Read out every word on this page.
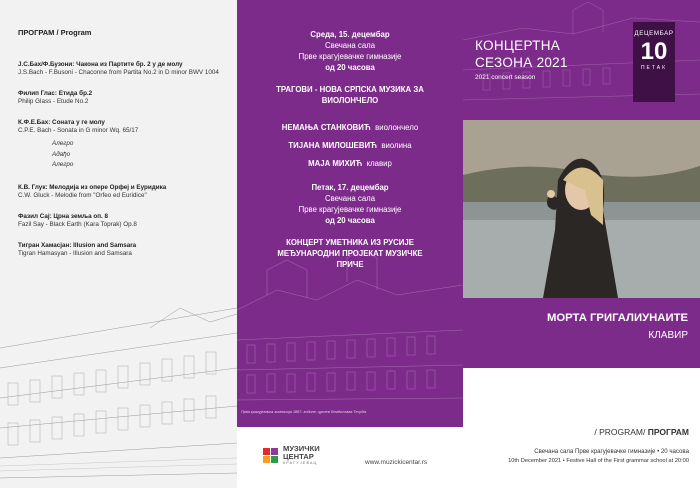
ПРОГРАМ / Program
J.С.Бах/Ф.Бузони: Чакона из Партите бр. 2 у де молу
J.S.Bach - F.Busoni - Chaconne from Partita No.2 in D minor BWV 1004
Филип Глас: Етида бр.2
Philip Glass - Etude No.2
К.Ф.Е.Бах: Соната у ге молу
C.P.E. Bach - Sonata in G minor Wq. 65/17
Алегро
Адађо
Алегро
К.В. Глук: Мелодија из опере Орфеј и Еуридика
C.W. Gluck - Melodie from "Orfeo ed Euridice"
Фазил Сај: Црна земља оп. 8
Fazil Say - Black Earth (Kara Toprak) Op.8
Тигран Хамасјан: Illusion and Samsara
Tigran Hamasyan - Illusion and Samsara
Среда, 15. децембар
Свечана сала
Прве крагујевачке гимназије
од 20 часова
ТРАГОВИ - НОВА СРПСКА МУЗИКА ЗА
ВИОЛОНЧЕЛО
НЕМАЊА СТАНКОВИЋ виолончело
ТИЈАНА МИЛОШЕВИЋ виолина
МАЈА МИХИЋ клавир
Петак, 17. децембар
Свечана сала
Прве крагујевачке гимназије
од 20 часова
КОНЦЕРТ УМЕТНИКА ИЗ РУСИЈЕ
МЕЂУНАРОДНИ ПРОЈЕКАТ МУЗИЧКЕ
ПРИЧЕ
Прва крагујевачка гимназија 1887. године, цртеж Владислава Тецића
МУЗИЧКИ
ЦЕНТАР
КРАГУЈЕВАЦ	www.muzickicentar.rs
КОНЦЕРТНА
СЕЗОНА 2021
2021 concert season
ДЕЦЕМБАР
10
ПЕТАК
МОРТА ГРИГАЛИУНАИТЕ
КЛАВИР
/ PROGRAM/ ПРОГРАМ
Свечана сала Прве крагујевачке гимназије • 20 часова
10th December 2021 • Festive Hall of the First grammar school at 20:00
